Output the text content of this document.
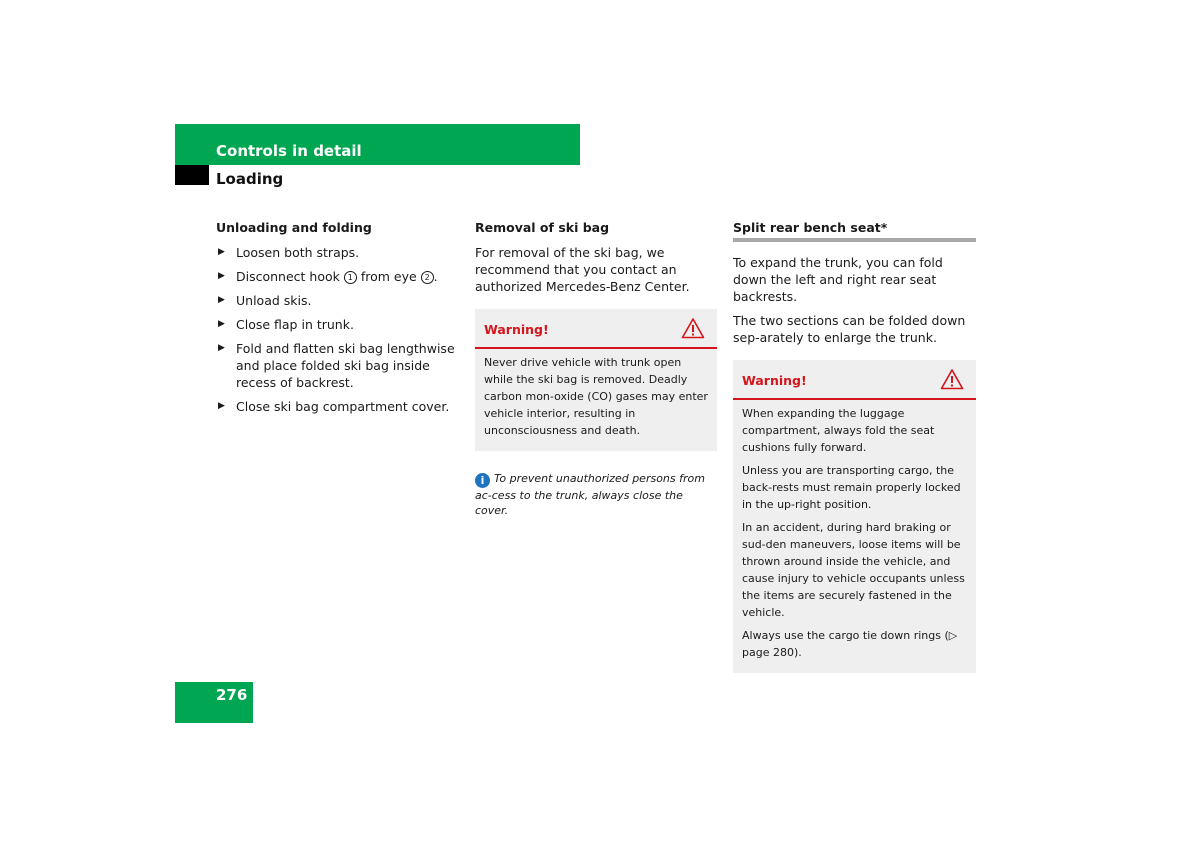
Controls in detail
Loading
Unloading and folding
▶ Loosen both straps.
▶ Disconnect hook 1 from eye 2 .
▶ Unload skis.
▶ Close flap in trunk.
▶ Fold and flatten ski bag lengthwise and place folded ski bag inside recess of backrest.
▶ Close ski bag compartment cover.
Removal of ski bag

For removal of the ski bag, we recommend that you contact an authorized Mercedes-Benz Center.

Warning!

Never drive vehicle with trunk open while the ski bag is removed. Deadly carbon mon-oxide (CO) gases may enter vehicle interior, resulting in unconsciousness and death.

i To prevent unauthorized persons from ac-cess to the trunk, always close the cover.
Split rear bench seat*

To expand the trunk, you can fold down the left and right rear seat backrests.

The two sections can be folded down sep-arately to enlarge the trunk.

Warning!

When expanding the luggage compartment, always fold the seat cushions fully forward.

Unless you are transporting cargo, the back-rests must remain properly locked in the up-right position.

In an accident, during hard braking or sud-den maneuvers, loose items will be thrown around inside the vehicle, and cause injury to vehicle occupants unless the items are securely fastened in the vehicle.

Always use the cargo tie down rings (▷ page 280).

276
